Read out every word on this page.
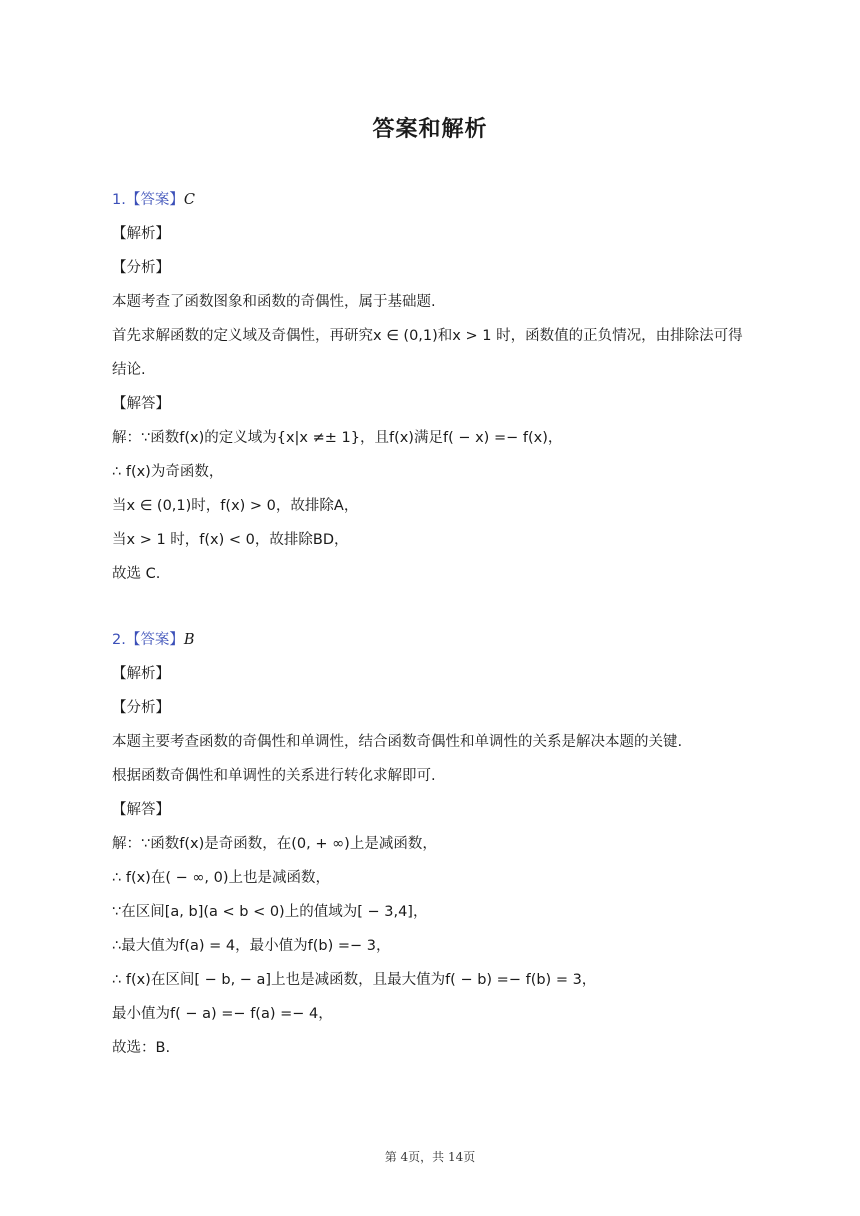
答案和解析
1.【答案】C
【解析】
【分析】
本题考查了函数图象和函数的奇偶性，属于基础题.
首先求解函数的定义域及奇偶性，再研究x ∈ (0,1)和x > 1 时，函数值的正负情况，由排除法可得
结论.
【解答】
解：∵函数f(x)的定义域为{x|x ≠± 1}，且f(x)满足f( − x) =− f(x)，
∴ f(x)为奇函数，
当x ∈ (0,1)时，f(x) > 0，故排除A，
当x > 1 时，f(x) < 0，故排除BD，
故选 C.
2.【答案】B
【解析】
【分析】
本题主要考查函数的奇偶性和单调性，结合函数奇偶性和单调性的关系是解决本题的关键.
根据函数奇偶性和单调性的关系进行转化求解即可.
【解答】
解：∵函数f(x)是奇函数，在(0, + ∞)上是减函数，
∴ f(x)在( − ∞, 0)上也是减函数，
∵在区间[a, b](a < b < 0)上的值域为[ − 3,4]，
∴最大值为f(a) = 4，最小值为f(b) =− 3，
∴ f(x)在区间[ − b, − a]上也是减函数，且最大值为f( − b) =− f(b) = 3，
最小值为f( − a) =− f(a) =− 4，
故选：B.
第 4页，共 14页
